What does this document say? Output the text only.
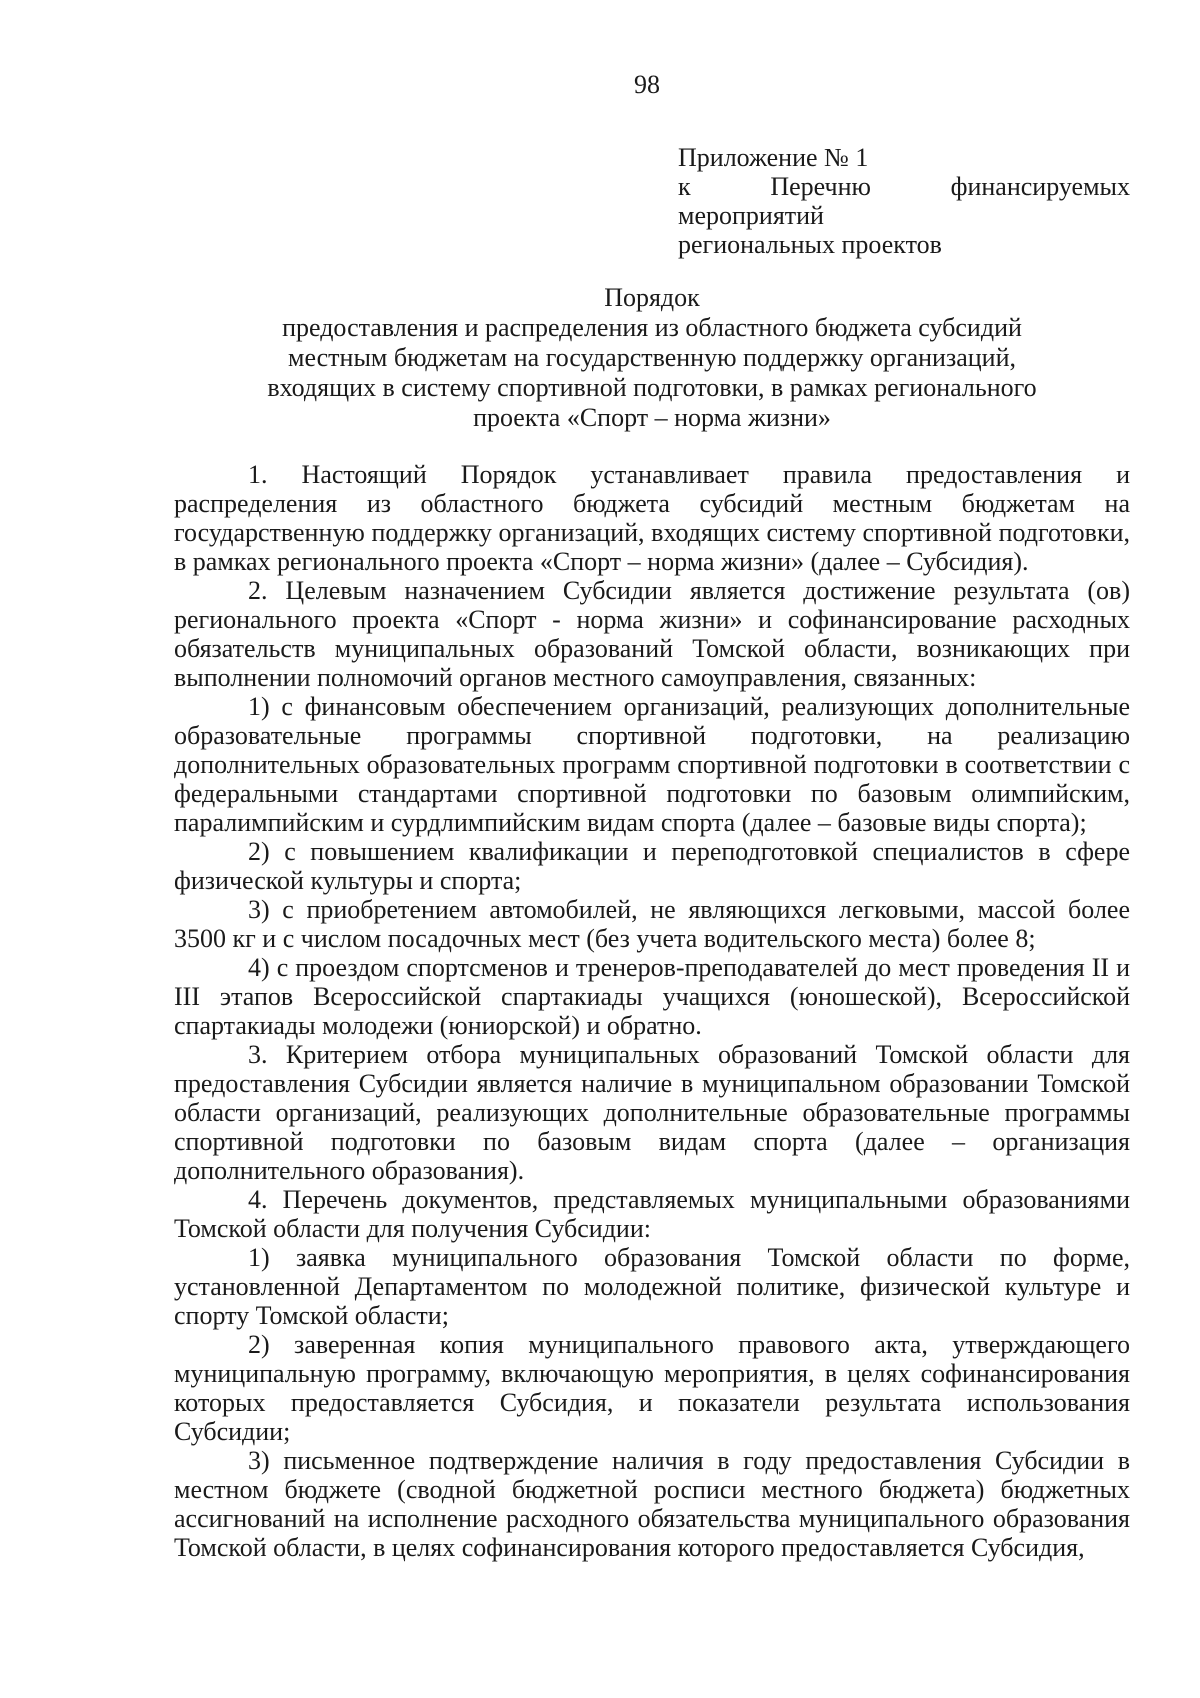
98
Приложение № 1
к Перечню финансируемых мероприятий
региональных проектов
Порядок
предоставления и распределения из областного бюджета субсидий
местным бюджетам на государственную поддержку организаций,
входящих в систему спортивной подготовки, в рамках регионального
проекта «Спорт – норма жизни»

1. Настоящий Порядок устанавливает правила предоставления и распределения из областного бюджета субсидий местным бюджетам на государственную поддержку организаций, входящих систему спортивной подготовки, в рамках регионального проекта «Спорт – норма жизни» (далее – Субсидия).

2. Целевым назначением Субсидии является достижение результата (ов) регионального проекта «Спорт - норма жизни» и софинансирование расходных обязательств муниципальных образований Томской области, возникающих при выполнении полномочий органов местного самоуправления, связанных:

1) с финансовым обеспечением организаций, реализующих дополнительные образовательные программы спортивной подготовки, на реализацию дополнительных образовательных программ спортивной подготовки в соответствии с федеральными стандартами спортивной подготовки по базовым олимпийским, паралимпийским и сурдлимпийским видам спорта (далее – базовые виды спорта);

2) с повышением квалификации и переподготовкой специалистов в сфере физической культуры и спорта;

3) с приобретением автомобилей, не являющихся легковыми, массой более 3500 кг и с числом посадочных мест (без учета водительского места) более 8;

4) с проездом спортсменов и тренеров-преподавателей до мест проведения II и III этапов Всероссийской спартакиады учащихся (юношеской), Всероссийской спартакиады молодежи (юниорской) и обратно.

3. Критерием отбора муниципальных образований Томской области для предоставления Субсидии является наличие в муниципальном образовании Томской области организаций, реализующих дополнительные образовательные программы спортивной подготовки по базовым видам спорта (далее – организация дополнительного образования).

4. Перечень документов, представляемых муниципальными образованиями Томской области для получения Субсидии:

1) заявка муниципального образования Томской области по форме, установленной Департаментом по молодежной политике, физической культуре и спорту Томской области;

2) заверенная копия муниципального правового акта, утверждающего муниципальную программу, включающую мероприятия, в целях софинансирования которых предоставляется Субсидия, и показатели результата использования Субсидии;

3) письменное подтверждение наличия в году предоставления Субсидии в местном бюджете (сводной бюджетной росписи местного бюджета) бюджетных ассигнований на исполнение расходного обязательства муниципального образования Томской области, в целях софинансирования которого предоставляется Субсидия,
